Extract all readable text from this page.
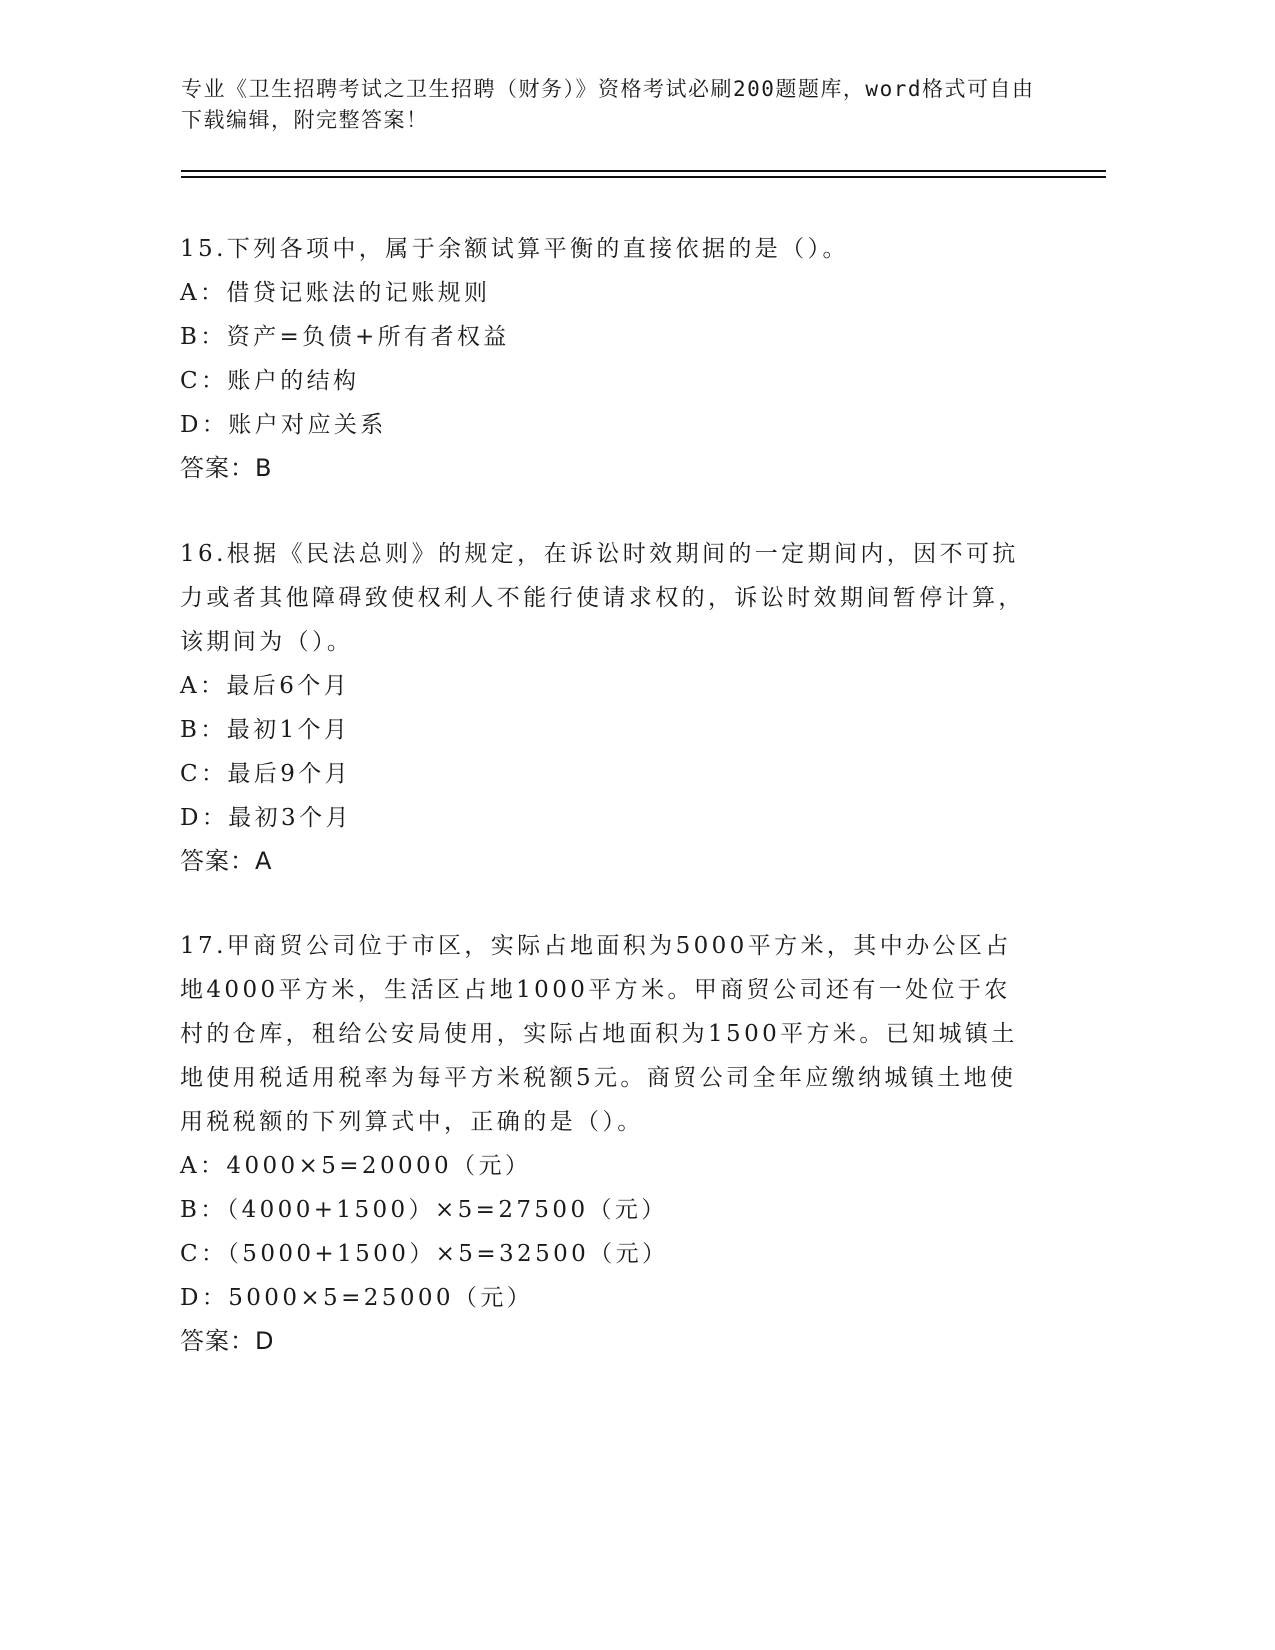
专业《卫生招聘考试之卫生招聘（财务）》资格考试必刷200题题库，word格式可自由下载编辑，附完整答案！
15.下列各项中，属于余额试算平衡的直接依据的是（）。
A：借贷记账法的记账规则
B：资产=负债+所有者权益
C：账户的结构
D：账户对应关系
答案：B
16.根据《民法总则》的规定，在诉讼时效期间的一定期间内，因不可抗力或者其他障碍致使权利人不能行使请求权的，诉讼时效期间暂停计算，该期间为（）。
A：最后6个月
B：最初1个月
C：最后9个月
D：最初3个月
答案：A
17.甲商贸公司位于市区，实际占地面积为5000平方米，其中办公区占地4000平方米，生活区占地1000平方米。甲商贸公司还有一处位于农村的仓库，租给公安局使用，实际占地面积为1500平方米。已知城镇土地使用税适用税率为每平方米税额5元。商贸公司全年应缴纳城镇土地使用税税额的下列算式中，正确的是（）。
A：4000×5=20000（元）
B：（4000+1500）×5=27500（元）
C：（5000+1500）×5=32500（元）
D：5000×5=25000（元）
答案：D
